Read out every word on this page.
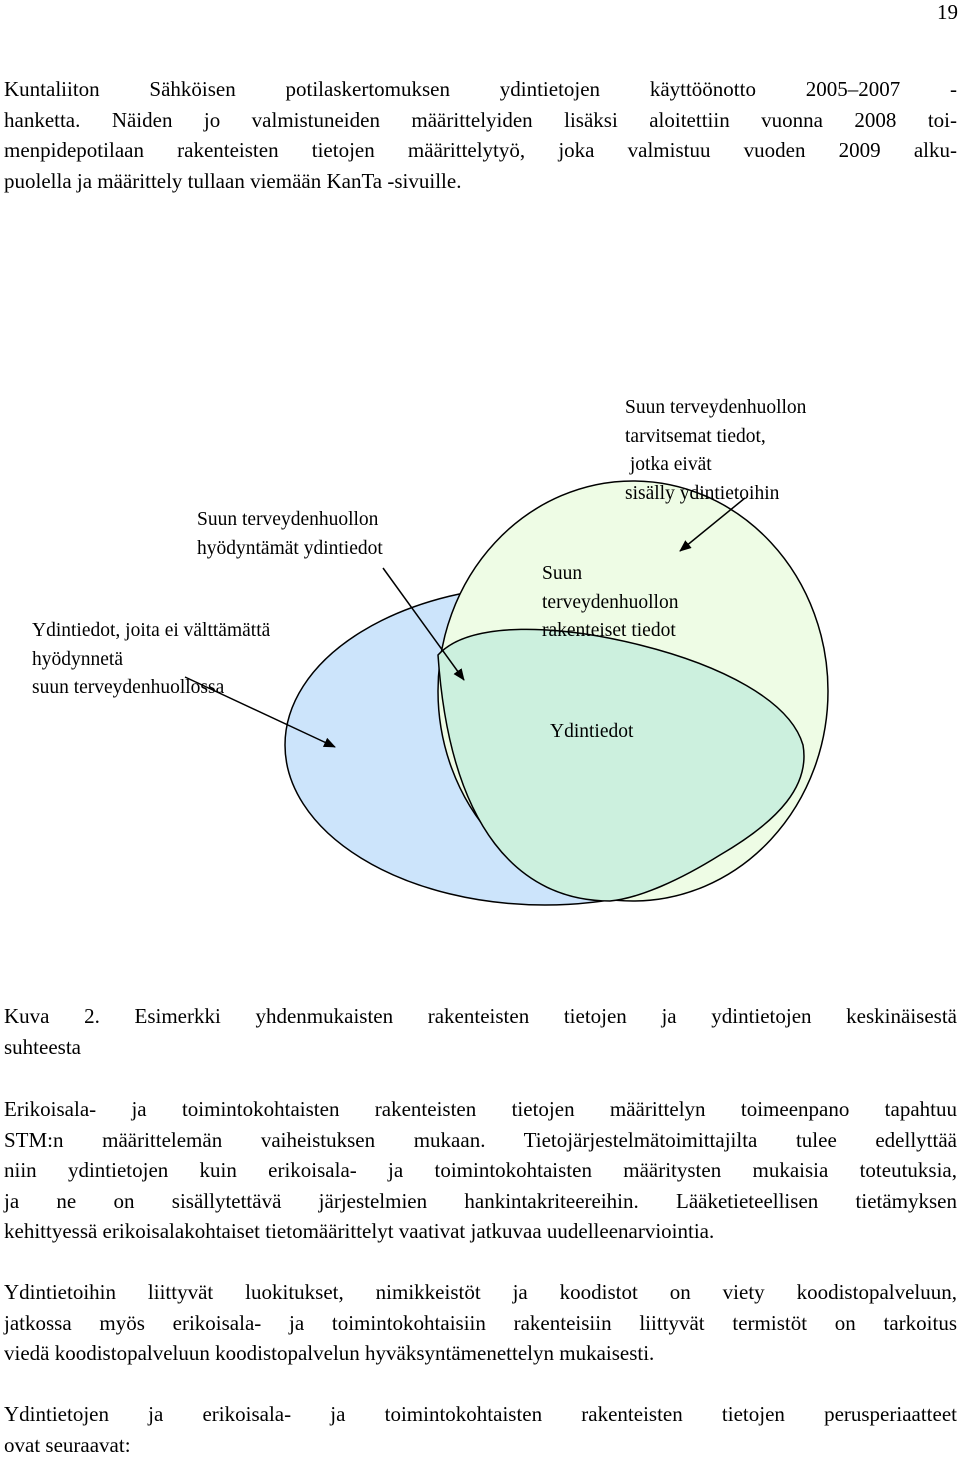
19

Kuntaliiton Sähköisen potilaskertomuksen ydintietojen käyttöönotto 2005–2007 -
hanketta. Näiden jo valmistuneiden määrittelyiden lisäksi aloitettiin vuonna 2008 toi-
menpidepotilaan rakenteisten tietojen määrittelytyö, joka valmistuu vuoden 2009 alku-
puolella ja määrittely tullaan viemään KanTa -sivuille.

Suun terveydenhuollon
hyödyntämät ydintiedot
Ydintiedot, joita ei välttämättä
hyödynnetä
suun terveydenhuollossa
Suun terveydenhuollon
tarvitsemat tiedot,
jotka eivät
sisälly ydintietoihin
Suun
terveydenhuollon
rakenteiset tiedot
Ydintiedot

Kuva 2. Esimerkki yhdenmukaisten rakenteisten tietojen ja ydintietojen keskinäisestä
suhteesta

Erikoisala- ja toimintokohtaisten rakenteisten tietojen määrittelyn toimeenpano tapahtuu
STM:n määrittelemän vaiheistuksen mukaan. Tietojärjestelmätoimittajilta tulee edellyttää
niin ydintietojen kuin erikoisala- ja toimintokohtaisten määritysten mukaisia toteutuksia,
ja ne on sisällytettävä järjestelmien hankintakriteereihin. Lääketieteellisen tietämyksen
kehittyessä erikoisalakohtaiset tietomäärittelyt vaativat jatkuvaa uudelleenarviointia.

Ydintietoihin liittyvät luokitukset, nimikkeistöt ja koodistot on viety koodistopalveluun,
jatkossa myös erikoisala- ja toimintokohtaisiin rakenteisiin liittyvät termistöt on tarkoitus
viedä koodistopalveluun koodistopalvelun hyväksyntämenettelyn mukaisesti.

Ydintietojen ja erikoisala- ja toimintokohtaisten rakenteisten tietojen perusperiaatteet
ovat seuraavat:
